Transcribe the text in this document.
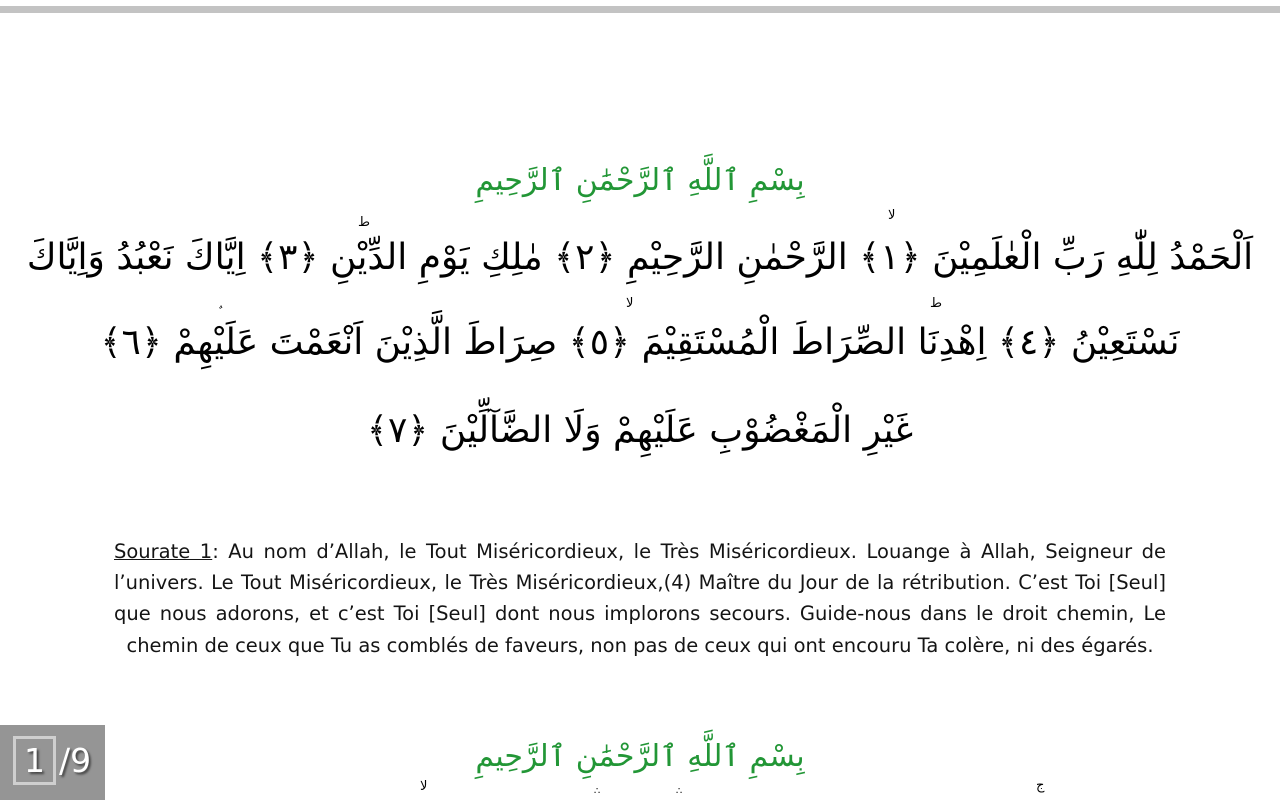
بِسْمِ ٱللَّهِ ٱلرَّحْمَٰنِ ٱلرَّحِيمِ
اَلْحَمْدُ لِلّٰهِ رَبِّ الْعٰلَمِيْنَ ﴿١﴾ الرَّحْمٰنِ الرَّحِيْمِ ﴿٢﴾ مٰلِكِ يَوْمِ الدِّيْنِ ﴿٣﴾ اِيَّاكَ نَعْبُدُ وَاِيَّاكَ
نَسْتَعِيْنُ ﴿٤﴾ اِهْدِنَا الصِّرَاطَ الْمُسْتَقِيْمَ ﴿٥﴾ صِرَاطَ الَّذِيْنَ اَنْعَمْتَ عَلَيْهِمْ ﴿٦﴾
غَيْرِ الْمَغْضُوْبِ عَلَيْهِمْ وَلَا الضَّآلِّيْنَ ﴿٧﴾
ط	لا
لا	ط

Sourate 1: Au nom d’Allah, le Tout Miséricordieux, le Très Miséricordieux. Louange à Allah, Seigneur de l’univers. Le Tout Miséricordieux, le Très Miséricordieux,(4) Maître du Jour de la rétribution. C’est Toi [Seul] que nous adorons, et c’est Toi [Seul] dont nous implorons secours. Guide-nous dans le droit chemin, Le chemin de ceux que Tu as comblés de faveurs, non pas de ceux qui ont encouru Ta colère, ni des égarés.

بِسْمِ ٱللَّهِ ٱلرَّحْمَٰنِ ٱلرَّحِيمِ
لا	∴	∴	ج
1 /9
